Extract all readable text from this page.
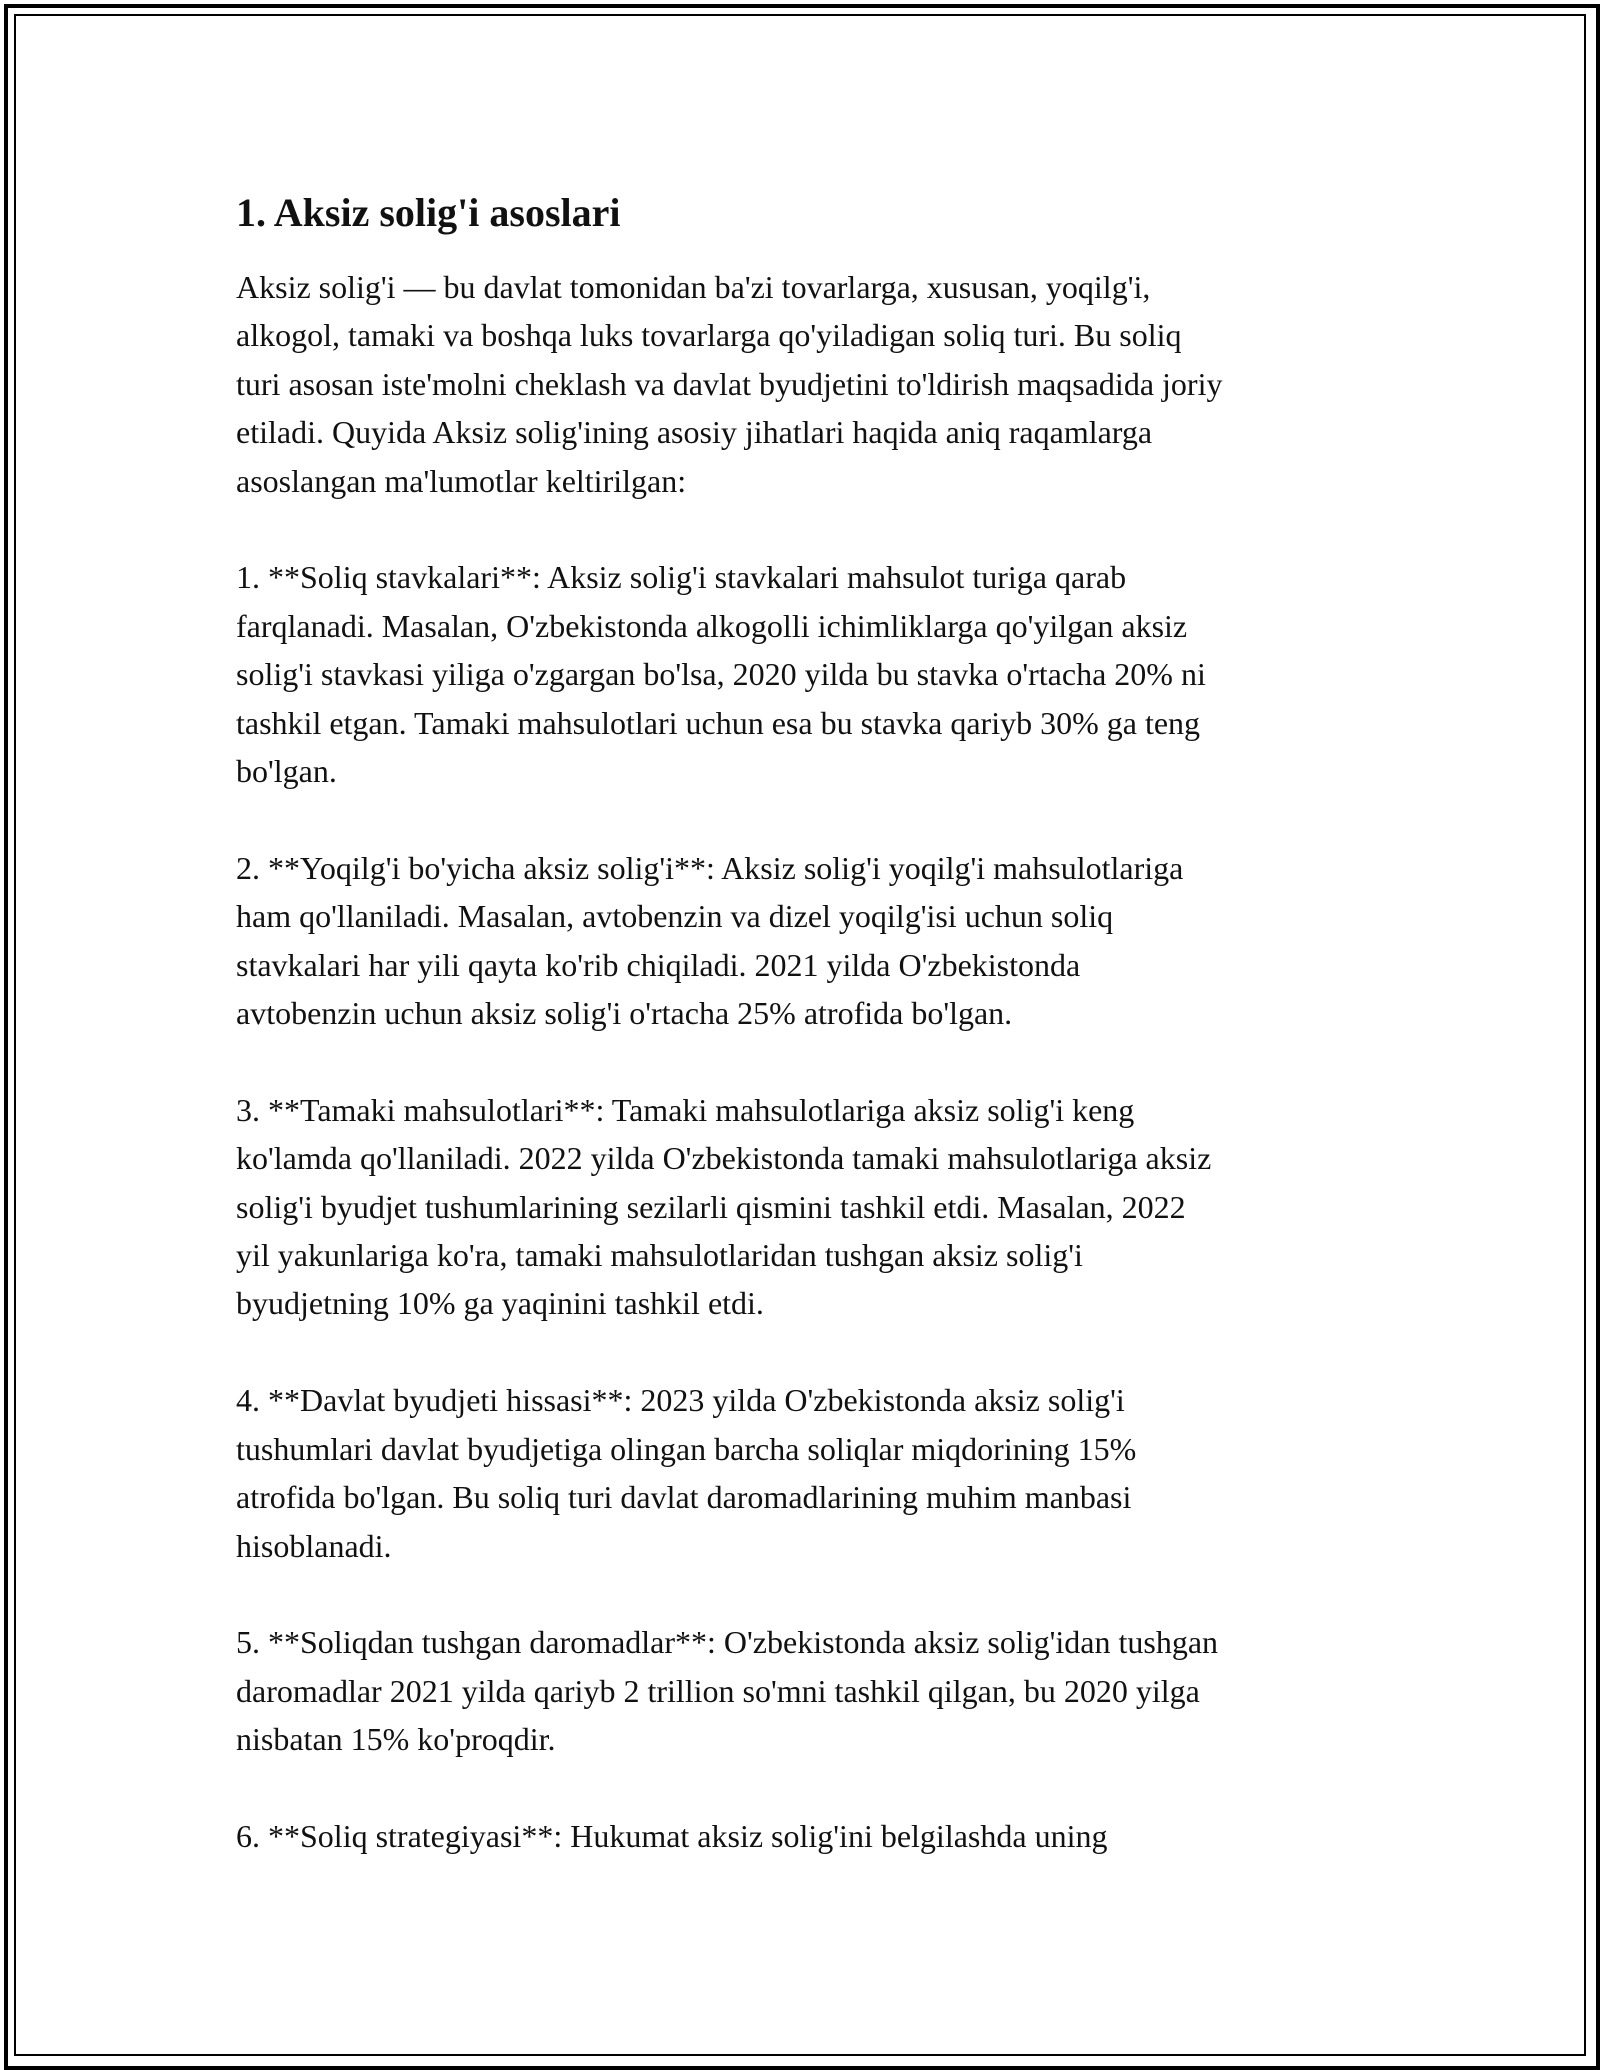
1. Aksiz solig'i asoslari

Aksiz solig'i — bu davlat tomonidan ba'zi tovarlarga, xususan, yoqilg'i,
alkogol, tamaki va boshqa luks tovarlarga qo'yiladigan soliq turi. Bu soliq
turi asosan iste'molni cheklash va davlat byudjetini to'ldirish maqsadida joriy
etiladi. Quyida Aksiz solig'ining asosiy jihatlari haqida aniq raqamlarga
asoslangan ma'lumotlar keltirilgan:

1. **Soliq stavkalari**: Aksiz solig'i stavkalari mahsulot turiga qarab
farqlanadi. Masalan, O'zbekistonda alkogolli ichimliklarga qo'yilgan aksiz
solig'i stavkasi yiliga o'zgargan bo'lsa, 2020 yilda bu stavka o'rtacha 20% ni
tashkil etgan. Tamaki mahsulotlari uchun esa bu stavka qariyb 30% ga teng
bo'lgan.

2. **Yoqilg'i bo'yicha aksiz solig'i**: Aksiz solig'i yoqilg'i mahsulotlariga
ham qo'llaniladi. Masalan, avtobenzin va dizel yoqilg'isi uchun soliq
stavkalari har yili qayta ko'rib chiqiladi. 2021 yilda O'zbekistonda
avtobenzin uchun aksiz solig'i o'rtacha 25% atrofida bo'lgan.

3. **Tamaki mahsulotlari**: Tamaki mahsulotlariga aksiz solig'i keng
ko'lamda qo'llaniladi. 2022 yilda O'zbekistonda tamaki mahsulotlariga aksiz
solig'i byudjet tushumlarining sezilarli qismini tashkil etdi. Masalan, 2022
yil yakunlariga ko'ra, tamaki mahsulotlaridan tushgan aksiz solig'i
byudjetning 10% ga yaqinini tashkil etdi.

4. **Davlat byudjeti hissasi**: 2023 yilda O'zbekistonda aksiz solig'i
tushumlari davlat byudjetiga olingan barcha soliqlar miqdorining 15%
atrofida bo'lgan. Bu soliq turi davlat daromadlarining muhim manbasi
hisoblanadi.

5. **Soliqdan tushgan daromadlar**: O'zbekistonda aksiz solig'idan tushgan
daromadlar 2021 yilda qariyb 2 trillion so'mni tashkil qilgan, bu 2020 yilga
nisbatan 15% ko'proqdir.

6. **Soliq strategiyasi**: Hukumat aksiz solig'ini belgilashda uning
